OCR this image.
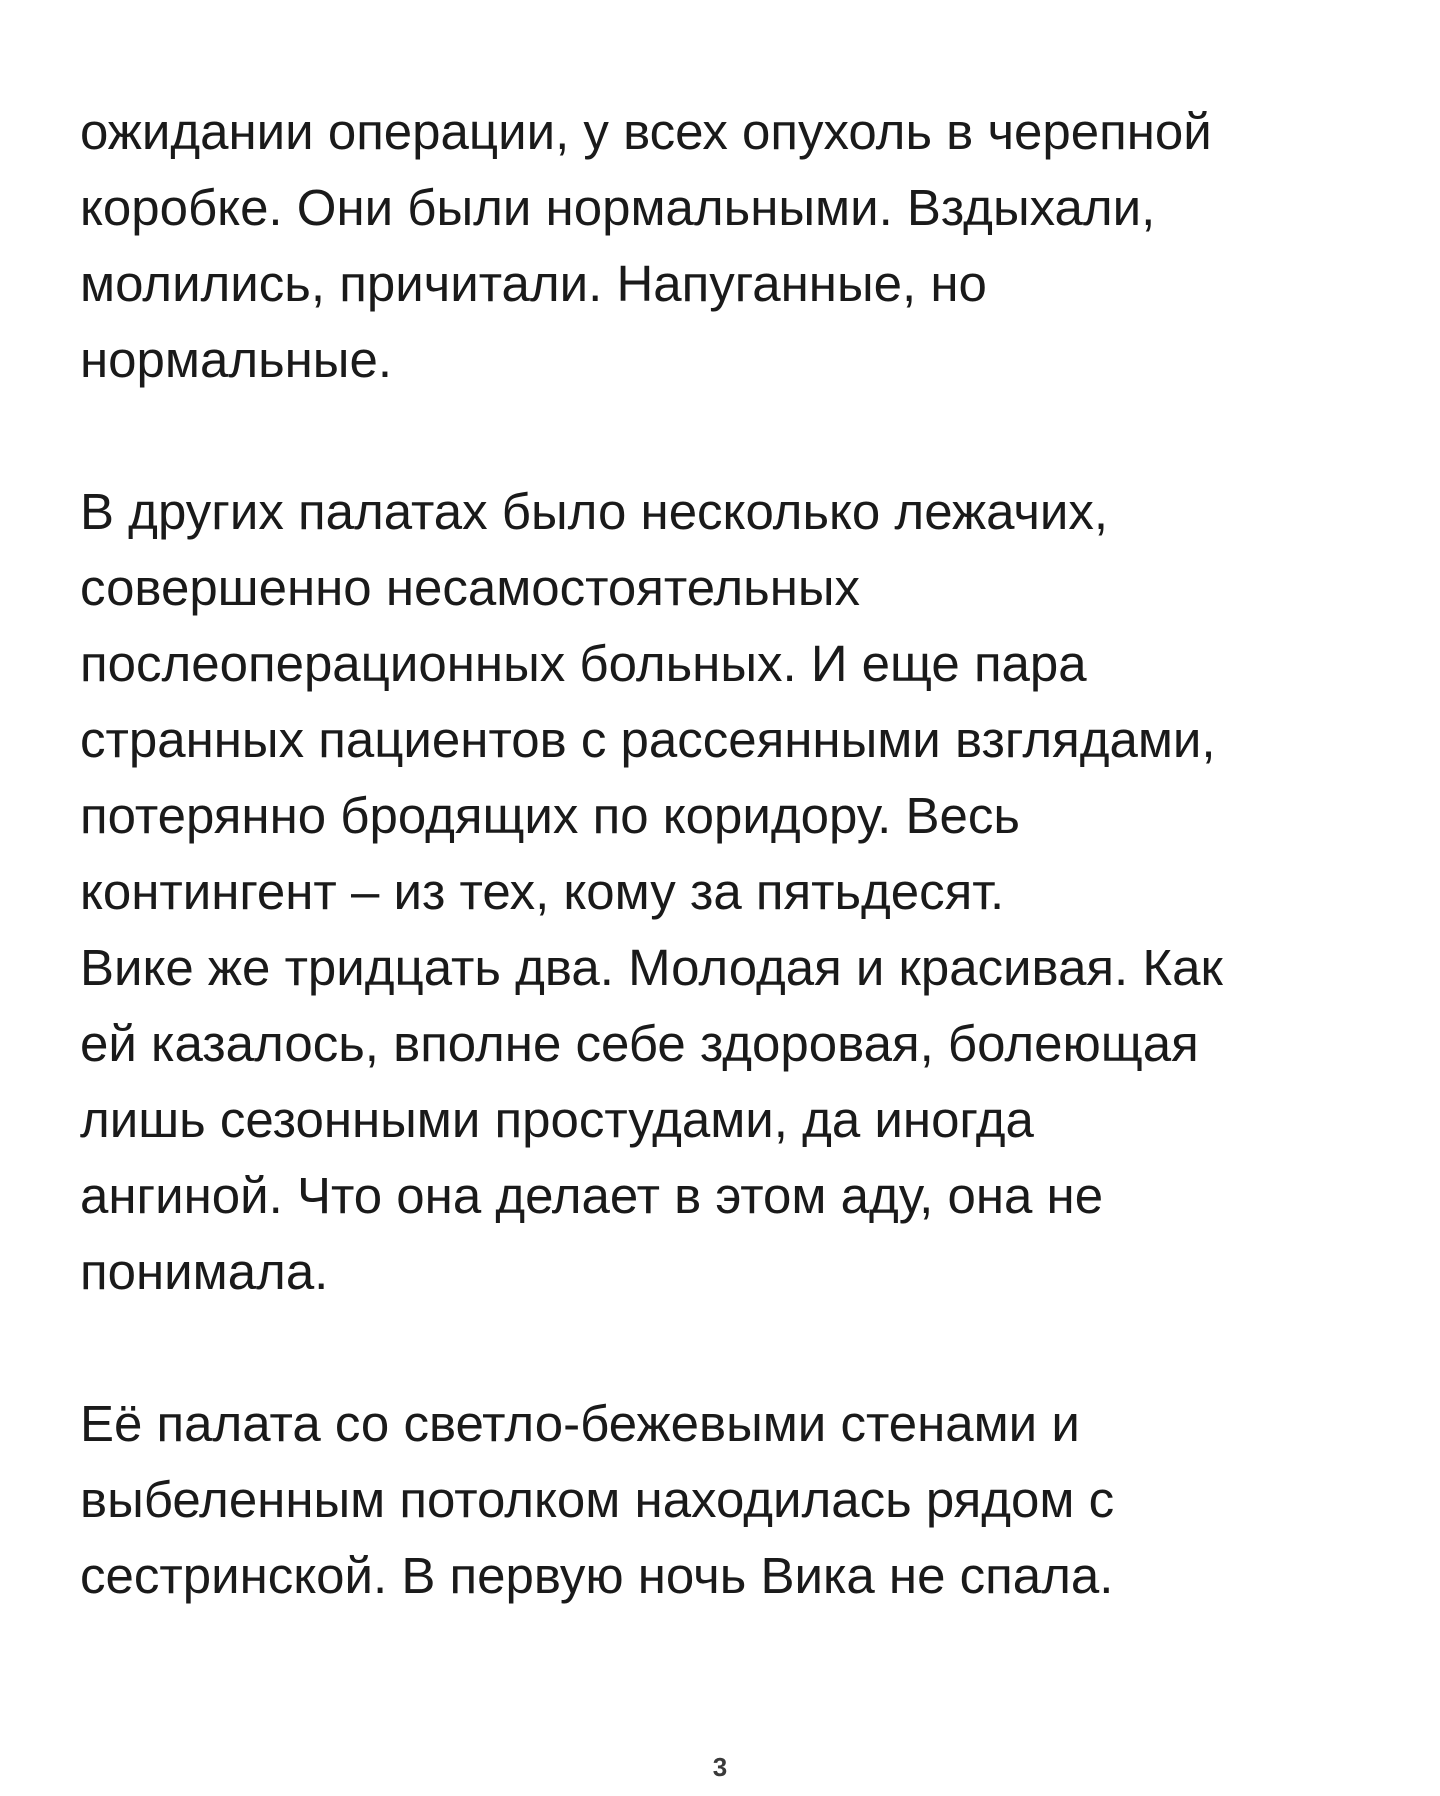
ожидании операции, у всех опухоль в черепной
коробке. Они были нормальными. Вздыхали,
молились, причитали. Напуганные, но
нормальные.
В других палатах было несколько лежачих,
совершенно несамостоятельных
послеоперационных больных. И еще пара
странных пациентов с рассеянными взглядами,
потерянно бродящих по коридору. Весь
контингент – из тех, кому за пятьдесят.
Вике же тридцать два. Молодая и красивая. Как
ей казалось, вполне себе здоровая, болеющая
лишь сезонными простудами, да иногда
ангиной. Что она делает в этом аду, она не
понимала.
Её палата со светло-бежевыми стенами и
выбеленным потолком находилась рядом с
сестринской. В первую ночь Вика не спала.
3
